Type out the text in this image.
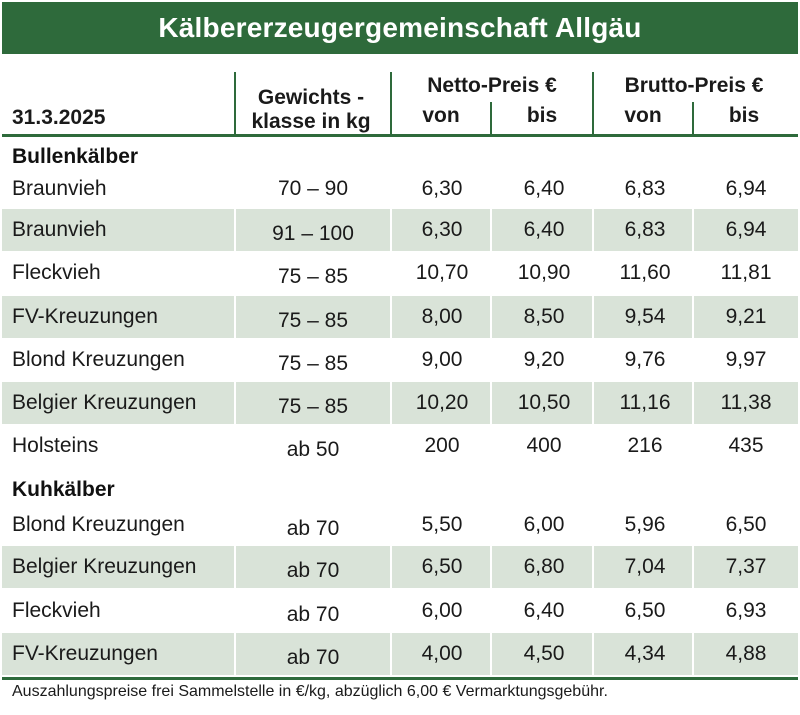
Kälbererzeugergemeinschaft Allgäu
31.3.2025
Gewichts -
klasse in kg
Netto-Preis €	Brutto-Preis €
von	bis	von	bis
Bullenkälber
Braunvieh	70 – 90	6,30	6,40	6,83	6,94
Braunvieh	91 – 100	6,30	6,40	6,83	6,94
Fleckvieh	75 – 85	10,70	10,90	11,60	11,81
FV-Kreuzungen	75 – 85	8,00	8,50	9,54	9,21
Blond Kreuzungen	75 – 85	9,00	9,20	9,76	9,97
Belgier Kreuzungen	75 – 85	10,20	10,50	11,16	11,38
Holsteins	ab 50	200	400	216	435
Kuhkälber
Blond Kreuzungen	ab 70	5,50	6,00	5,96	6,50
Belgier Kreuzungen	ab 70	6,50	6,80	7,04	7,37
Fleckvieh	ab 70	6,00	6,40	6,50	6,93
FV-Kreuzungen	ab 70	4,00	4,50	4,34	4,88
Auszahlungspreise frei Sammelstelle in €/kg, abzüglich 6,00 € Vermarktungsgebühr.
